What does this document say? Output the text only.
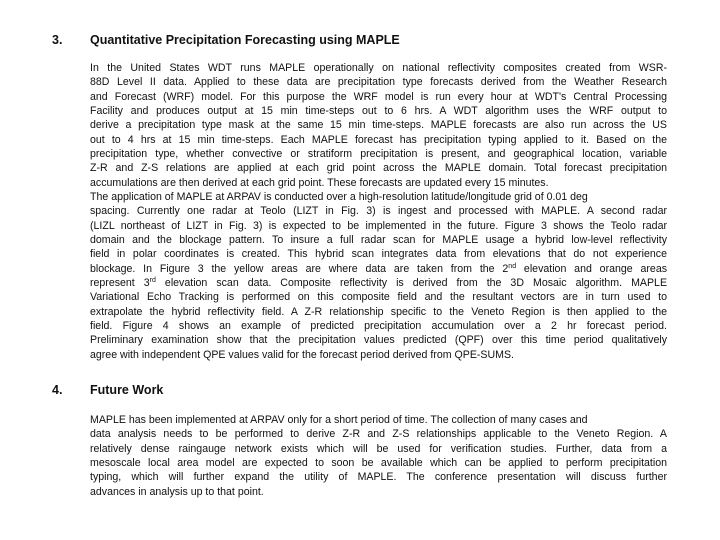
3. Quantitative Precipitation Forecasting using MAPLE
In the United States WDT runs MAPLE operationally on national reflectivity composites created from WSR-
88D Level II data. Applied to these data are precipitation type forecasts derived from the Weather Research
and Forecast (WRF) model. For this purpose the WRF model is run every hour at WDT's Central Processing
Facility and produces output at 15 min time-steps out to 6 hrs. A WDT algorithm uses the WRF output to
derive a precipitation type mask at the same 15 min time-steps. MAPLE forecasts are also run across the US
out to 4 hrs at 15 min time-steps. Each MAPLE forecast has precipitation typing applied to it. Based on the
precipitation type, whether convective or stratiform precipitation is present, and geographical location, variable
Z-R and Z-S relations are applied at each grid point across the MAPLE domain. Total forecast precipitation
accumulations are then derived at each grid point. These forecasts are updated every 15 minutes.
The application of MAPLE at ARPAV is conducted over a high-resolution latitude/longitude grid of 0.01 deg
spacing. Currently one radar at Teolo (LIZT in Fig. 3) is ingest and processed with MAPLE. A second radar
(LIZL northeast of LIZT in Fig. 3) is expected to be implemented in the future. Figure 3 shows the Teolo radar
domain and the blockage pattern. To insure a full radar scan for MAPLE usage a hybrid low-level reflectivity
field in polar coordinates is created. This hybrid scan integrates data from elevations that do not experience
blockage. In Figure 3 the yellow areas are where data are taken from the 2nd elevation and orange areas
represent 3rd elevation scan data. Composite reflectivity is derived from the 3D Mosaic algorithm. MAPLE
Variational Echo Tracking is performed on this composite field and the resultant vectors are in turn used to
extrapolate the hybrid reflectivity field. A Z-R relationship specific to the Veneto Region is then applied to the
field. Figure 4 shows an example of predicted precipitation accumulation over a 2 hr forecast period.
Preliminary examination show that the precipitation values predicted (QPF) over this time period qualitatively
agree with independent QPE values valid for the forecast period derived from QPE-SUMS.
4. Future Work
MAPLE has been implemented at ARPAV only for a short period of time. The collection of many cases and
data analysis needs to be performed to derive Z-R and Z-S relationships applicable to the Veneto Region. A
relatively dense raingauge network exists which will be used for verification studies. Further, data from a
mesoscale local area model are expected to soon be available which can be applied to perform precipitation
typing, which will further expand the utility of MAPLE. The conference presentation will discuss further
advances in analysis up to that point.
